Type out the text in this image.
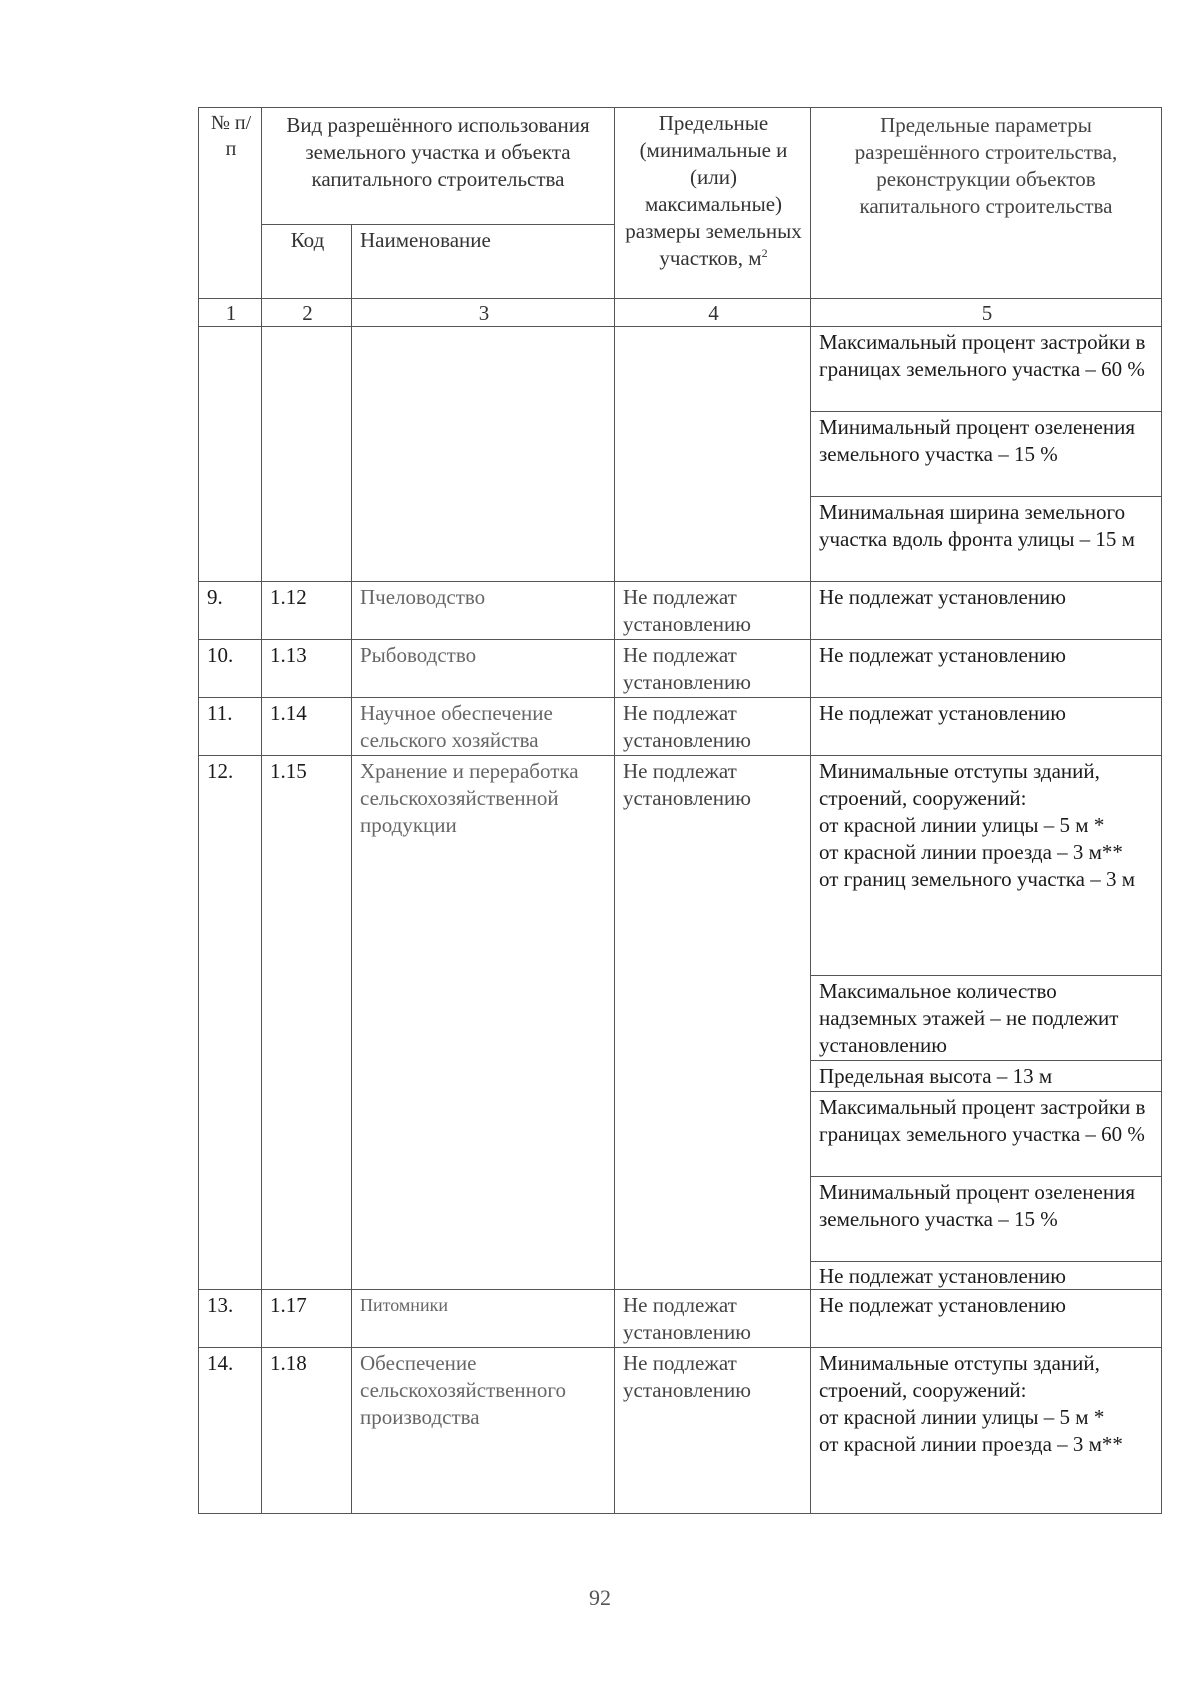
№ п/п	Вид разрешённого использования земельного участка и объекта капитального строительства		Предельные (минимальные и (или) максимальные) размеры земельных участков, $м^2$	Предельные параметры разрешённого строительства, реконструкции объектов капитального строительства
	Код	Наименование		
1	2	3	4	5
				Максимальный процент застройки в границах земельного участка – 60 %
				Минимальный процент озеленения земельного участка – 15 %
				Минимальная ширина земельного участка вдоль фронта улицы – 15 м
9.	1.12	Пчеловодство	Не подлежат установлению	Не подлежат установлению
10.	1.13	Рыбоводство	Не подлежат установлению	Не подлежат установлению
11.	1.14	Научное обеспечение сельского хозяйства	Не подлежат установлению	Не подлежат установлению
12.	1.15	Хранение и переработка сельскохозяйственной продукции	Не подлежат установлению	Минимальные отступы зданий, строений, сооружений:
от красной линии улицы – 5 м *
от красной линии проезда – 3 м**
от границ земельного участка – 3 м

				Максимальное количество надземных этажей – не подлежит установлению
				Предельная высота – 13 м
				Максимальный процент застройки в границах земельного участка – 60 %
				Минимальный процент озеленения земельного участка – 15 %
				Не подлежат установлению
13.	1.17	Питомники	Не подлежат установлению	Не подлежат установлению
14.	1.18	Обеспечение сельскохозяйственного производства	Не подлежат установлению	Минимальные отступы зданий, строений, сооружений:
от красной линии улицы – 5 м *
от красной линии проезда – 3 м**
92
